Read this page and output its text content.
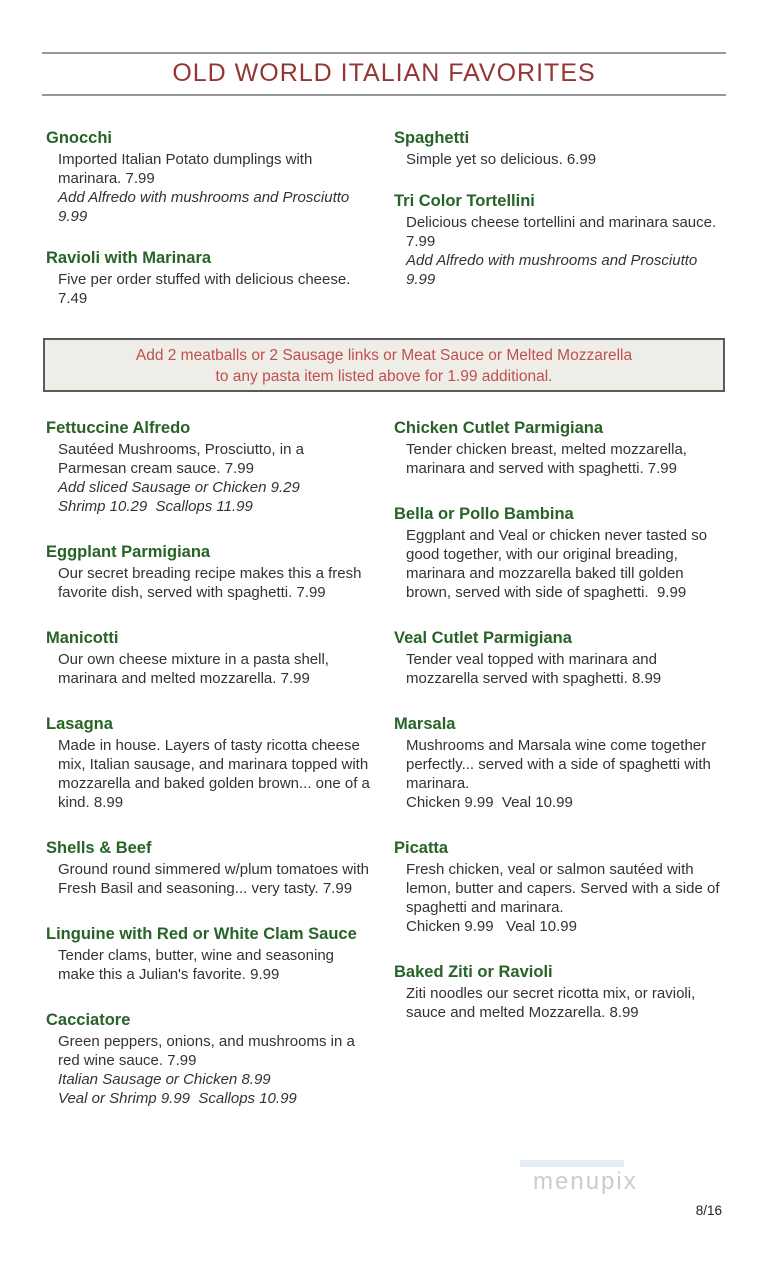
OLD WORLD ITALIAN FAVORITES
Gnocchi

Imported Italian Potato dumplings with marinara. 7.99

Add Alfredo with mushrooms and Prosciutto 9.99

Ravioli with Marinara

Five per order stuffed with delicious cheese. 7.49

Spaghetti

Simple yet so delicious. 6.99

Tri Color Tortellini

Delicious cheese tortellini and marinara sauce.  7.99

Add Alfredo with mushrooms and Prosciutto 9.99

Add 2 meatballs or 2 Sausage links or Meat Sauce or Melted Mozzarella

to any pasta item listed above for 1.99 additional.

Fettuccine Alfredo

Sautéed Mushrooms, Prosciutto, in a Parmesan cream sauce. 7.99

Add sliced Sausage or Chicken 9.29

Shrimp 10.29  Scallops 11.99

Eggplant Parmigiana

Our secret breading recipe makes this a fresh favorite dish, served with spaghetti. 7.99

Manicotti

Our own cheese mixture in a pasta shell, marinara and melted mozzarella. 7.99

Lasagna

Made in house. Layers of tasty ricotta cheese mix, Italian sausage, and marinara topped with mozzarella and baked golden brown... one of a kind. 8.99

Shells & Beef

Ground round simmered w/plum tomatoes with Fresh Basil and seasoning... very tasty. 7.99

Linguine with Red or White Clam Sauce

Tender clams, butter, wine and seasoning make this a Julian's favorite. 9.99

Cacciatore

Green peppers, onions, and mushrooms in a red wine sauce. 7.99

Italian Sausage or Chicken 8.99

Veal or Shrimp 9.99  Scallops 10.99

Chicken Cutlet Parmigiana

Tender chicken breast, melted mozzarella, marinara and served with spaghetti. 7.99

Bella or Pollo Bambina

Eggplant and Veal or chicken never tasted so good together, with our original breading, marinara and mozzarella baked till golden brown, served with side of spaghetti.  9.99

Veal Cutlet Parmigiana

Tender veal topped with marinara and mozzarella served with spaghetti. 8.99

Marsala

Mushrooms and Marsala wine come together perfectly... served with a side of spaghetti with marinara.

Chicken 9.99  Veal 10.99

Picatta

Fresh chicken, veal or salmon sautéed with lemon, butter and capers. Served with a side of spaghetti and marinara.

Chicken 9.99   Veal 10.99

Baked Ziti or Ravioli

Ziti noodles our secret ricotta mix, or ravioli, sauce and melted Mozzarella. 8.99

menupix
8/16
